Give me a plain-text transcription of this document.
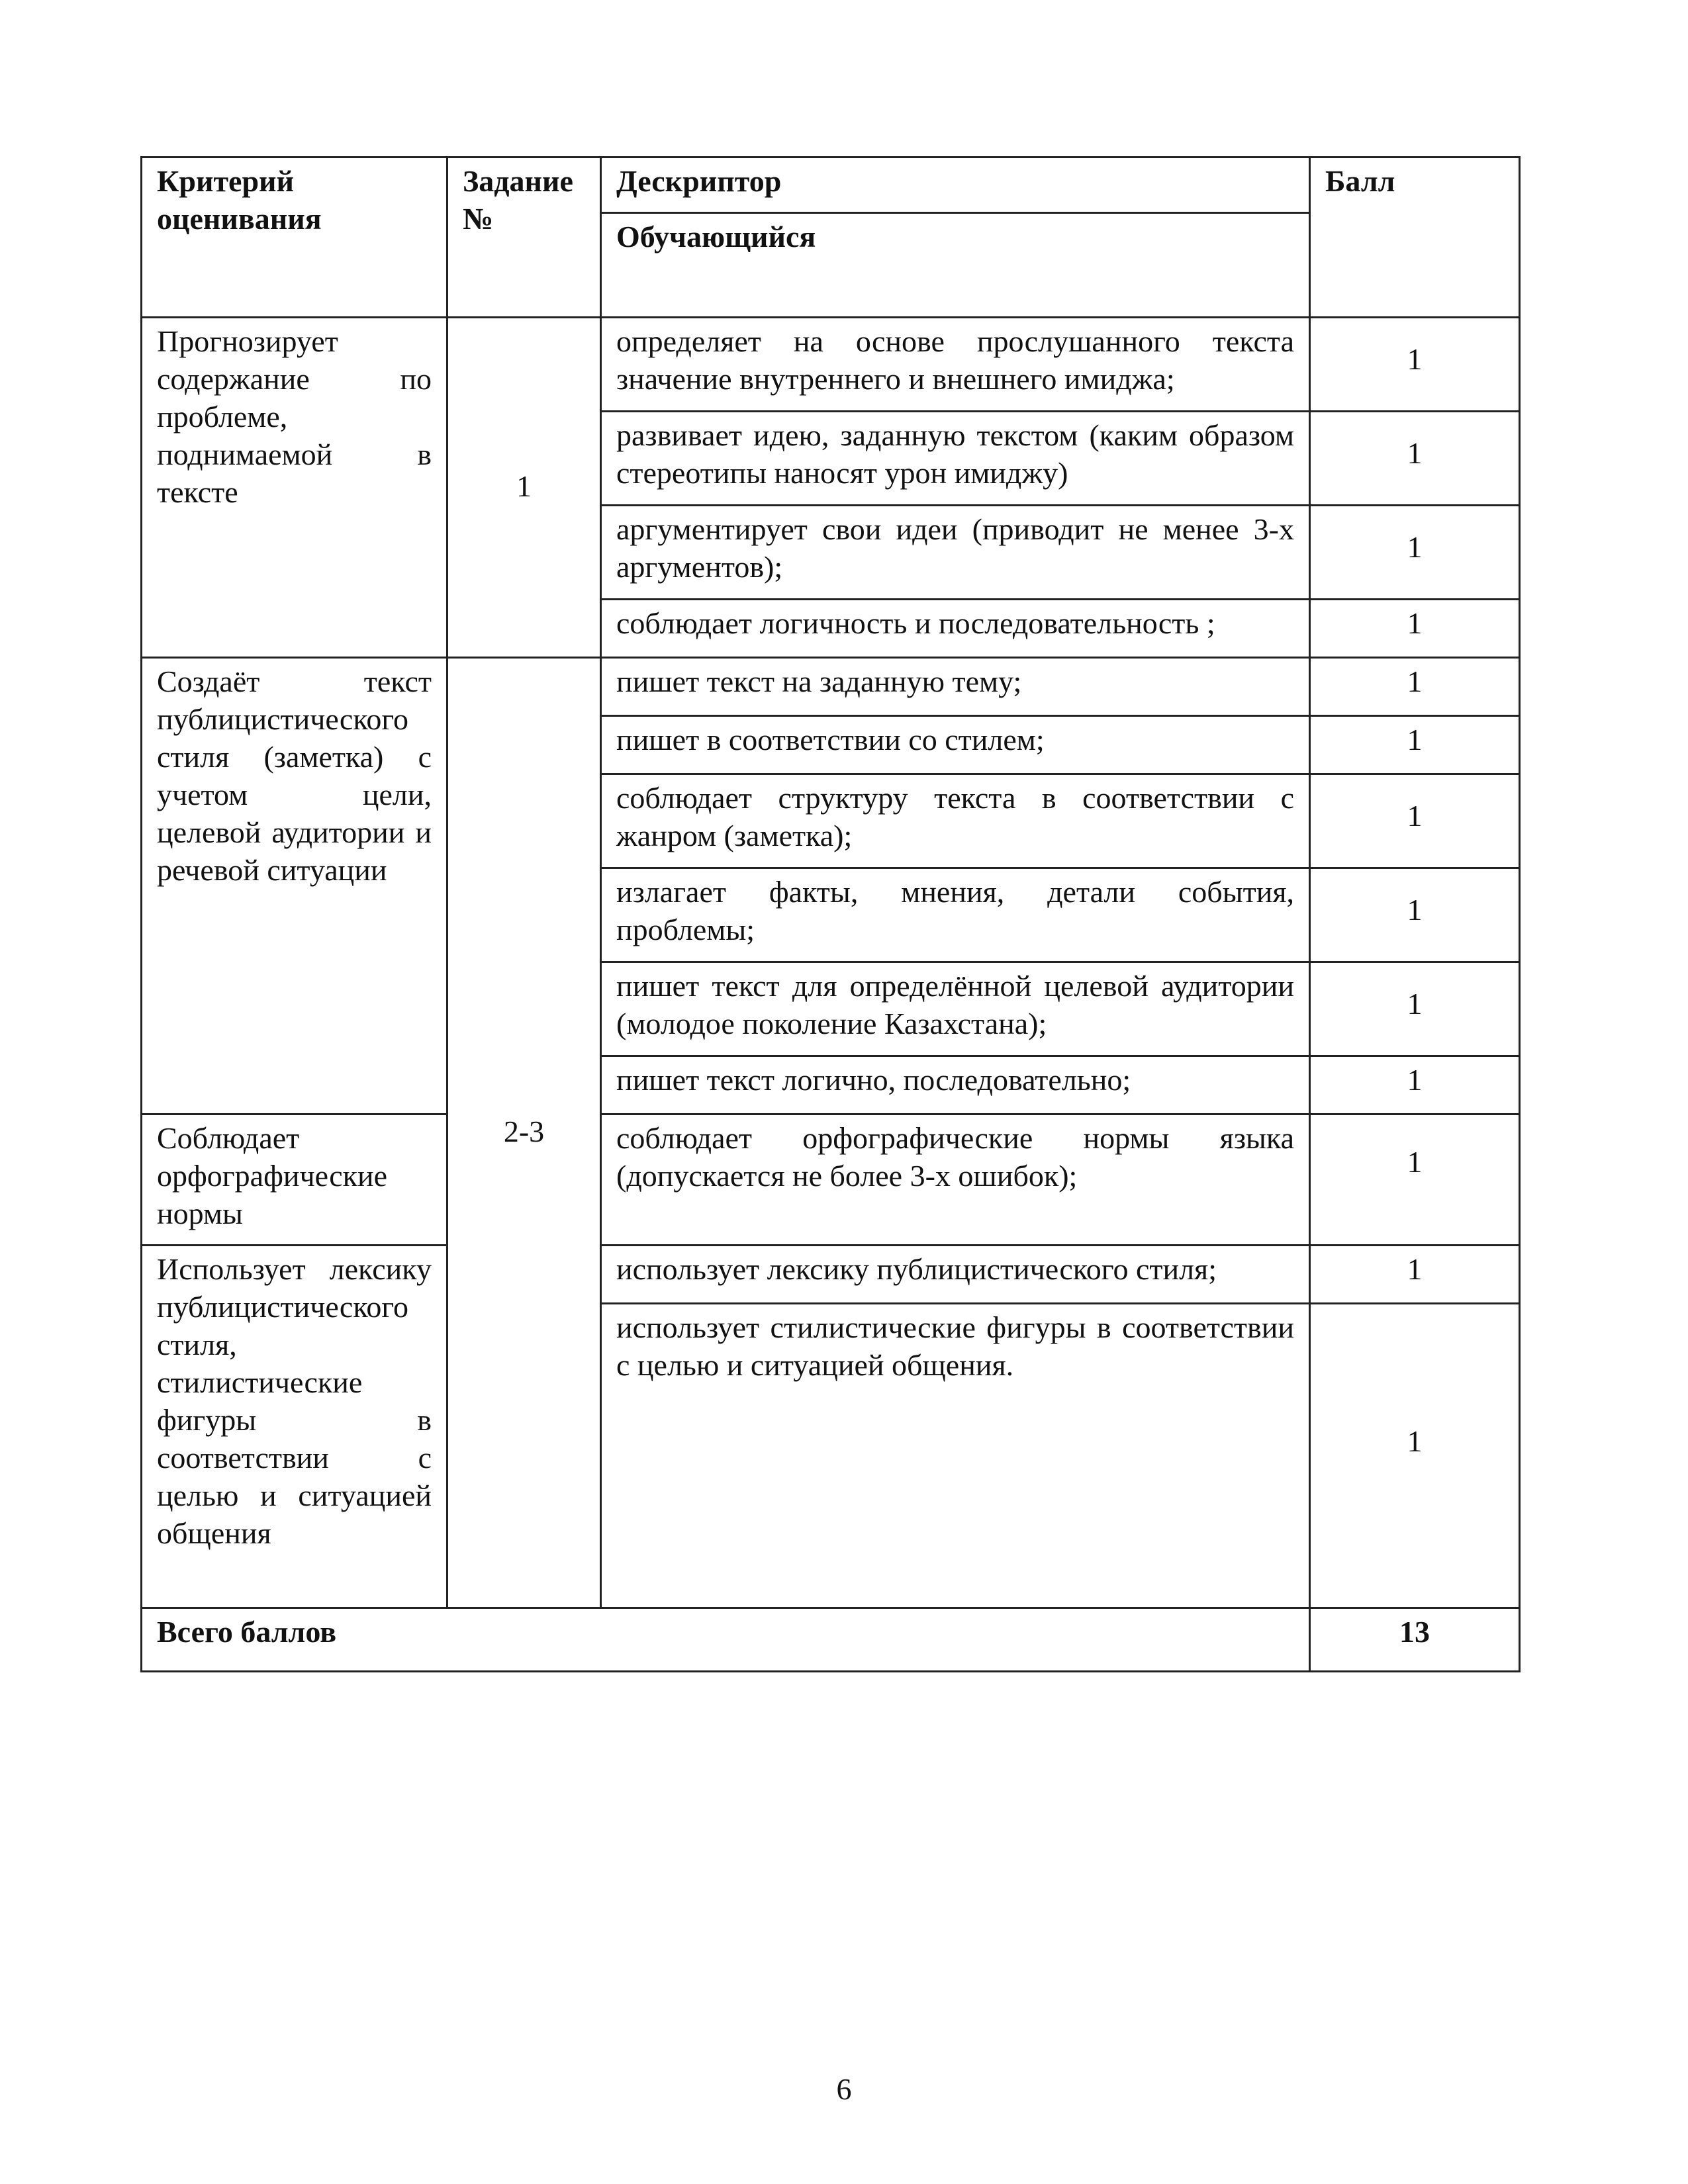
Критерий оценивания	Задание №	Дескриптор	Балл
		Обучающийся	
Прогнозирует содержание по проблеме, поднимаемой в тексте	1	определяет на основе прослушанного текста значение внутреннего и внешнего имиджа;	1
		развивает идею, заданную текстом (каким образом стереотипы наносят урон имиджу)	1
		аргументирует свои идеи (приводит не менее 3-х аргументов);	1
		соблюдает логичность и последовательность ;	1
Создаёт текст публицистического стиля (заметка) с учетом цели, целевой аудитории и речевой ситуации	2-3	пишет текст на заданную тему;	1
		пишет в соответствии со стилем;	1
		соблюдает структуру текста в соответствии с жанром (заметка);	1
		излагает факты, мнения, детали события, проблемы;	1
		пишет текст для определённой целевой аудитории (молодое поколение Казахстана);	1
		пишет текст логично, последовательно;	1
Соблюдает орфографические нормы		соблюдает орфографические нормы языка (допускается не более 3-х ошибок);	1
Использует лексику публицистического стиля, стилистические фигуры в соответствии с целью и ситуацией общения		использует лексику публицистического стиля;	1
		использует стилистические фигуры в соответствии с целью и ситуацией общения.	1
Всего баллов			13
6
